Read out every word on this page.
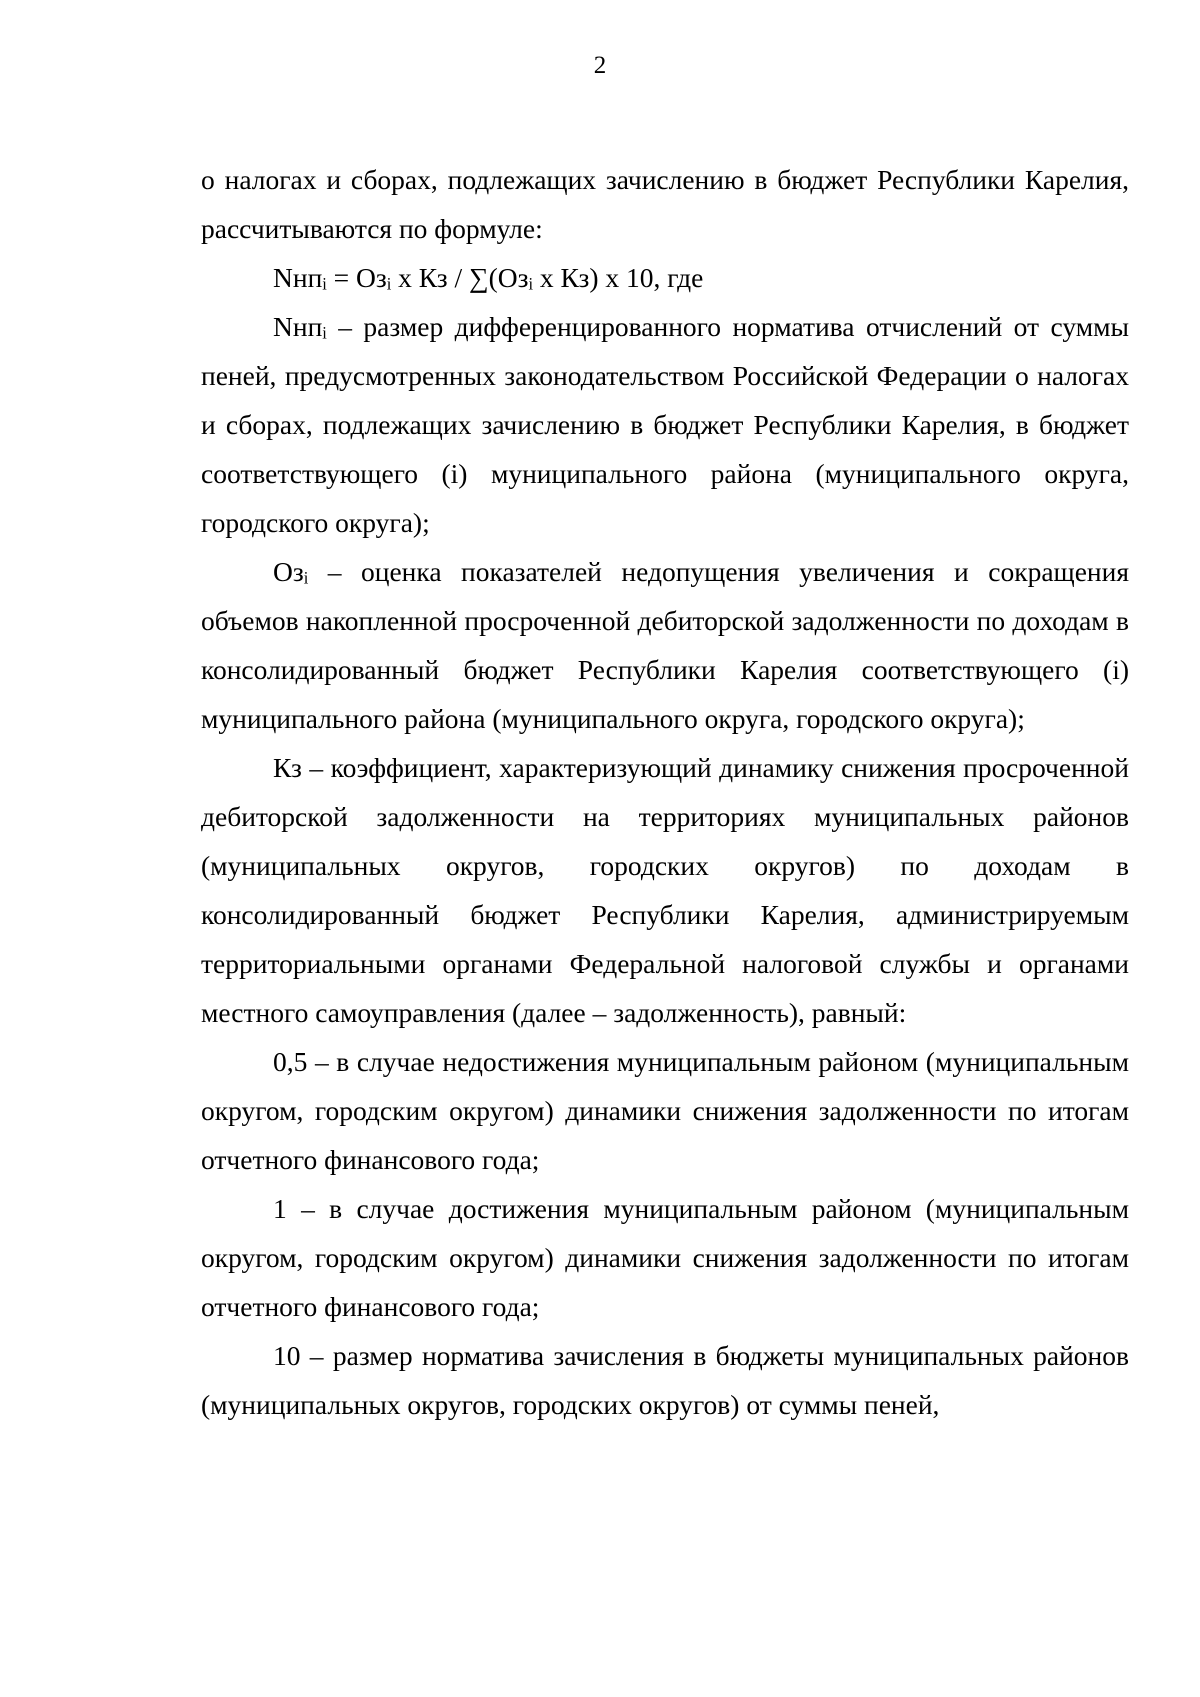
2

о налогах и сборах, подлежащих зачислению в бюджет Республики Карелия, рассчитываются по формуле:

Nнпᵢ = Озᵢ х Кз / ∑(Озᵢ х Кз) х 10, где

Nнпᵢ – размер дифференцированного норматива отчислений от суммы пеней, предусмотренных законодательством Российской Федерации о налогах и сборах, подлежащих зачислению в бюджет Республики Карелия, в бюджет соответствующего (i) муниципального района (муниципального округа, городского округа);

Озᵢ – оценка показателей недопущения увеличения и сокращения объемов накопленной просроченной дебиторской задолженности по доходам в консолидированный бюджет Республики Карелия соответствующего (i) муниципального района (муниципального округа, городского округа);

Кз – коэффициент, характеризующий динамику снижения просроченной дебиторской задолженности на территориях муниципальных районов (муниципальных округов, городских округов) по доходам в консолидированный бюджет Республики Карелия, администрируемым территориальными органами Федеральной налоговой службы и органами местного самоуправления (далее – задолженность), равный:

0,5 – в случае недостижения муниципальным районом (муниципальным округом, городским округом) динамики снижения задолженности по итогам отчетного финансового года;

1 – в случае достижения муниципальным районом (муниципальным округом, городским округом) динамики снижения задолженности по итогам отчетного финансового года;

10 – размер норматива зачисления в бюджеты муниципальных районов (муниципальных округов, городских округов) от суммы пеней,
